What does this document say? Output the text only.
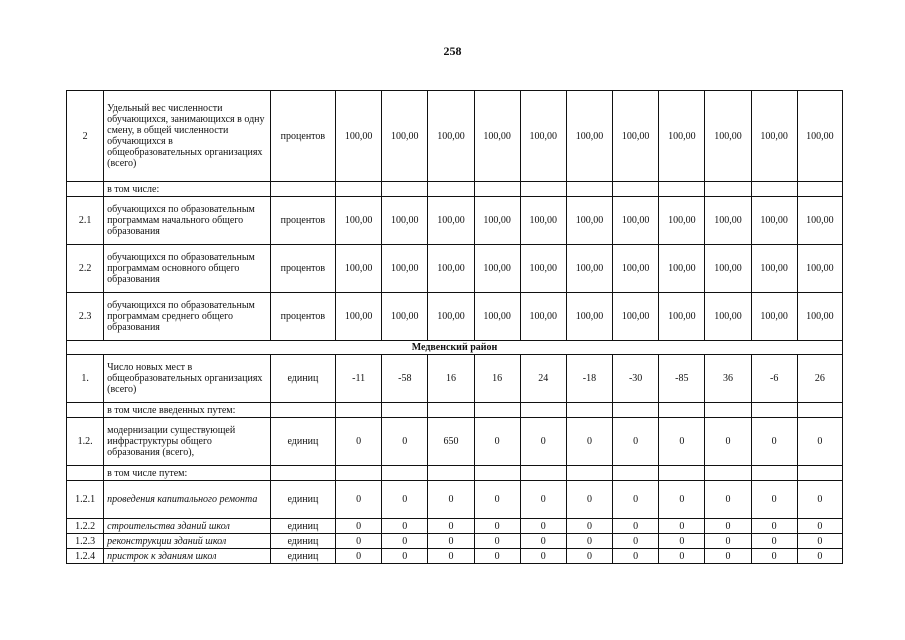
258
2	Удельный вес численности обучающихся, занимающихся в одну смену, в общей численности обучающихся в общеобразовательных организациях (всего)	процентов	100,00	100,00	100,00	100,00	100,00	100,00	100,00	100,00	100,00	100,00	100,00
	в том числе:												
2.1	обучающихся по образовательным программам начального общего образования	процентов	100,00	100,00	100,00	100,00	100,00	100,00	100,00	100,00	100,00	100,00	100,00
2.2	обучающихся по образовательным программам основного общего образования	процентов	100,00	100,00	100,00	100,00	100,00	100,00	100,00	100,00	100,00	100,00	100,00
2.3	обучающихся по образовательным программам среднего общего образования	процентов	100,00	100,00	100,00	100,00	100,00	100,00	100,00	100,00	100,00	100,00	100,00
Медвенский район													
1.	Число новых мест в общеобразовательных организациях (всего)	единиц	-11	-58	16	16	24	-18	-30	-85	36	-6	26
	в том числе введенных путем:												
1.2.	модернизации существующей инфраструктуры общего образования (всего),	единиц	0	0	650	0	0	0	0	0	0	0	0
	в том числе путем:												
1.2.1	проведения капитального ремонта	единиц	0	0	0	0	0	0	0	0	0	0	0
1.2.2	строительства зданий школ	единиц	0	0	0	0	0	0	0	0	0	0	0
1.2.3	реконструкции зданий школ	единиц	0	0	0	0	0	0	0	0	0	0	0
1.2.4	пристрок к зданиям школ	единиц	0	0	0	0	0	0	0	0	0	0	0
